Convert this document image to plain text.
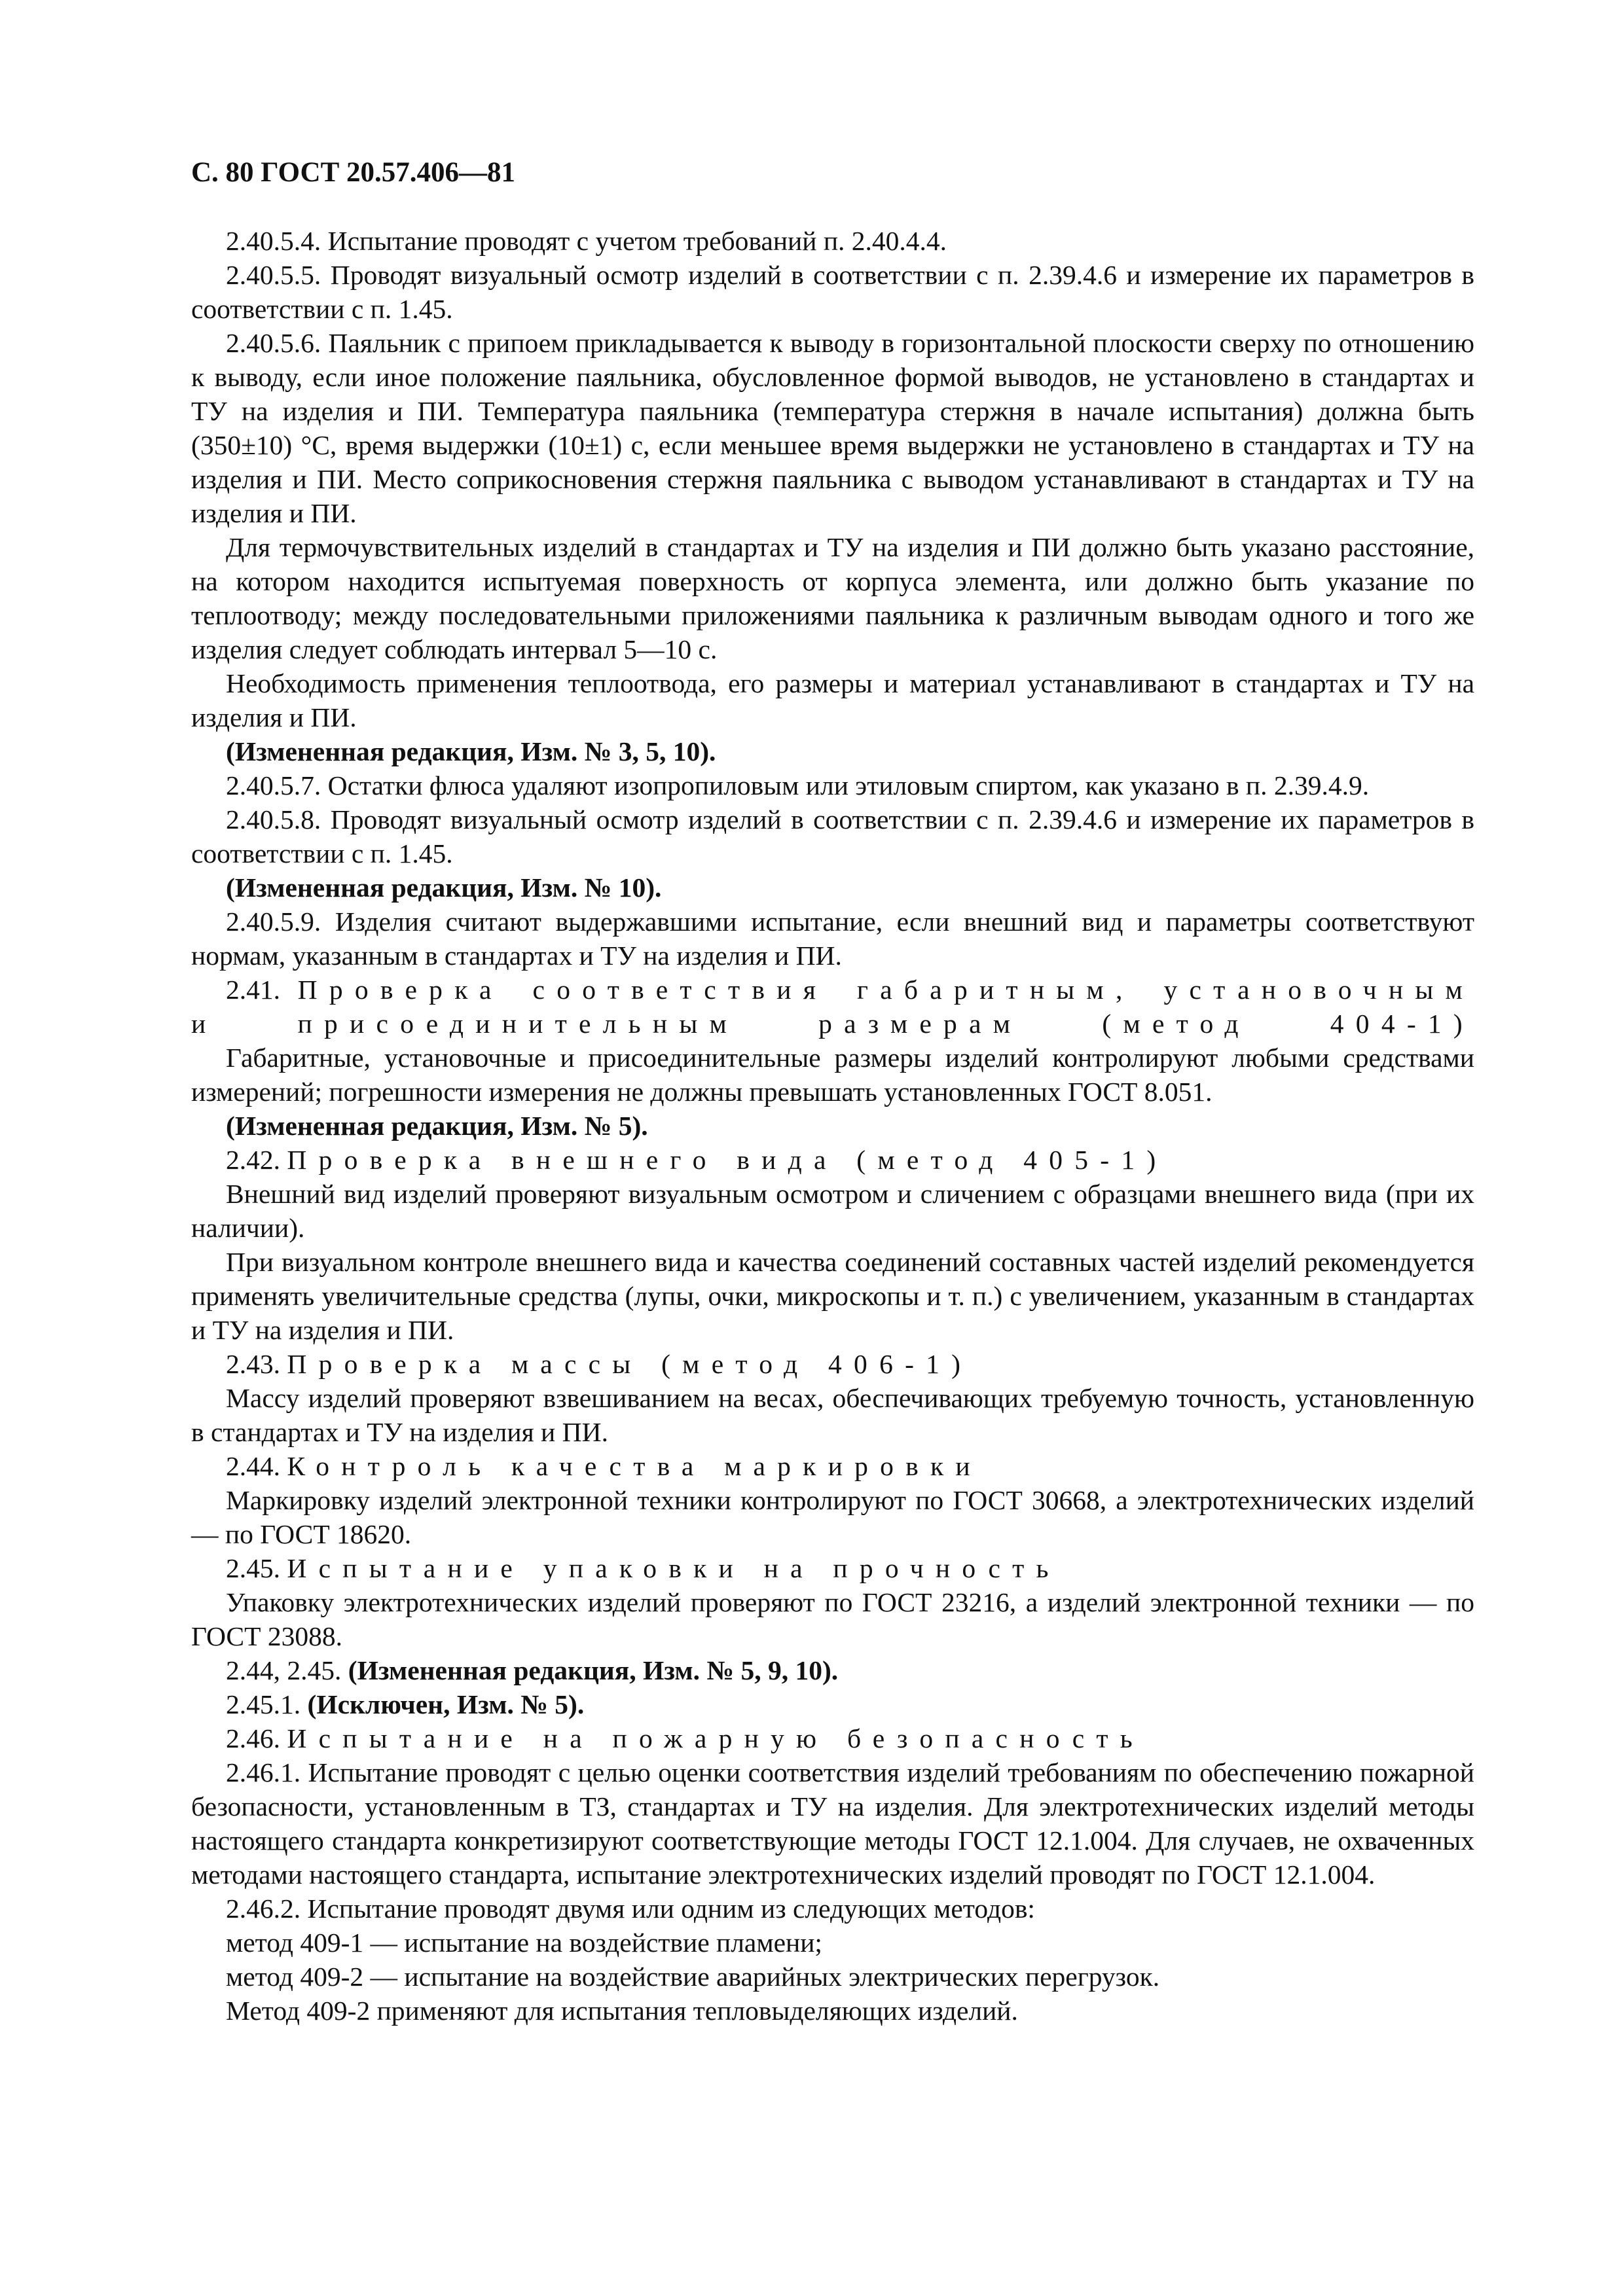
С. 80 ГОСТ 20.57.406—81

2.40.5.4. Испытание проводят с учетом требований п. 2.40.4.4.

2.40.5.5. Проводят визуальный осмотр изделий в соответствии с п. 2.39.4.6 и измерение их параметров в соответствии с п. 1.45.

2.40.5.6. Паяльник с припоем прикладывается к выводу в горизонтальной плоскости сверху по отношению к выводу, если иное положение паяльника, обусловленное формой выводов, не установлено в стандартах и ТУ на изделия и ПИ. Температура паяльника (температура стержня в начале испытания) должна быть (350±10) °С, время выдержки (10±1) с, если меньшее время выдержки не установлено в стандартах и ТУ на изделия и ПИ. Место соприкосновения стержня паяльника с выводом устанавливают в стандартах и ТУ на изделия и ПИ.

Для термочувствительных изделий в стандартах и ТУ на изделия и ПИ должно быть указано расстояние, на котором находится испытуемая поверхность от корпуса элемента, или должно быть указание по теплоотводу; между последовательными приложениями паяльника к различным выводам одного и того же изделия следует соблюдать интервал 5—10 с.

Необходимость применения теплоотвода, его размеры и материал устанавливают в стандартах и ТУ на изделия и ПИ.

(Измененная редакция, Изм. № 3, 5, 10).

2.40.5.7. Остатки флюса удаляют изопропиловым или этиловым спиртом, как указано в п. 2.39.4.9.

2.40.5.8. Проводят визуальный осмотр изделий в соответствии с п. 2.39.4.6 и измерение их параметров в соответствии с п. 1.45.

(Измененная редакция, Изм. № 10).

2.40.5.9. Изделия считают выдержавшими испытание, если внешний вид и параметры соответствуют нормам, указанным в стандартах и ТУ на изделия и ПИ.

2.41. Проверка соответствия габаритным, установочным и присоединительным размерам (метод 404-1)

Габаритные, установочные и присоединительные размеры изделий контролируют любыми средствами измерений; погрешности измерения не должны превышать установленных ГОСТ 8.051.

(Измененная редакция, Изм. № 5).

2.42. Проверка внешнего вида (метод 405-1)

Внешний вид изделий проверяют визуальным осмотром и сличением с образцами внешнего вида (при их наличии).

При визуальном контроле внешнего вида и качества соединений составных частей изделий рекомендуется применять увеличительные средства (лупы, очки, микроскопы и т. п.) с увеличением, указанным в стандартах и ТУ на изделия и ПИ.

2.43. Проверка массы (метод 406-1)

Массу изделий проверяют взвешиванием на весах, обеспечивающих требуемую точность, установленную в стандартах и ТУ на изделия и ПИ.

2.44. Контроль качества маркировки

Маркировку изделий электронной техники контролируют по ГОСТ 30668, а электротехнических изделий — по ГОСТ 18620.

2.45. Испытание упаковки на прочность

Упаковку электротехнических изделий проверяют по ГОСТ 23216, а изделий электронной техники — по ГОСТ 23088.

2.44, 2.45. (Измененная редакция, Изм. № 5, 9, 10).

2.45.1. (Исключен, Изм. № 5).

2.46. Испытание на пожарную безопасность

2.46.1. Испытание проводят с целью оценки соответствия изделий требованиям по обеспечению пожарной безопасности, установленным в ТЗ, стандартах и ТУ на изделия. Для электротехнических изделий методы настоящего стандарта конкретизируют соответствующие методы ГОСТ 12.1.004. Для случаев, не охваченных методами настоящего стандарта, испытание электротехнических изделий проводят по ГОСТ 12.1.004.

2.46.2. Испытание проводят двумя или одним из следующих методов:

метод 409-1 — испытание на воздействие пламени;

метод 409-2 — испытание на воздействие аварийных электрических перегрузок.

Метод 409-2 применяют для испытания тепловыделяющих изделий.
